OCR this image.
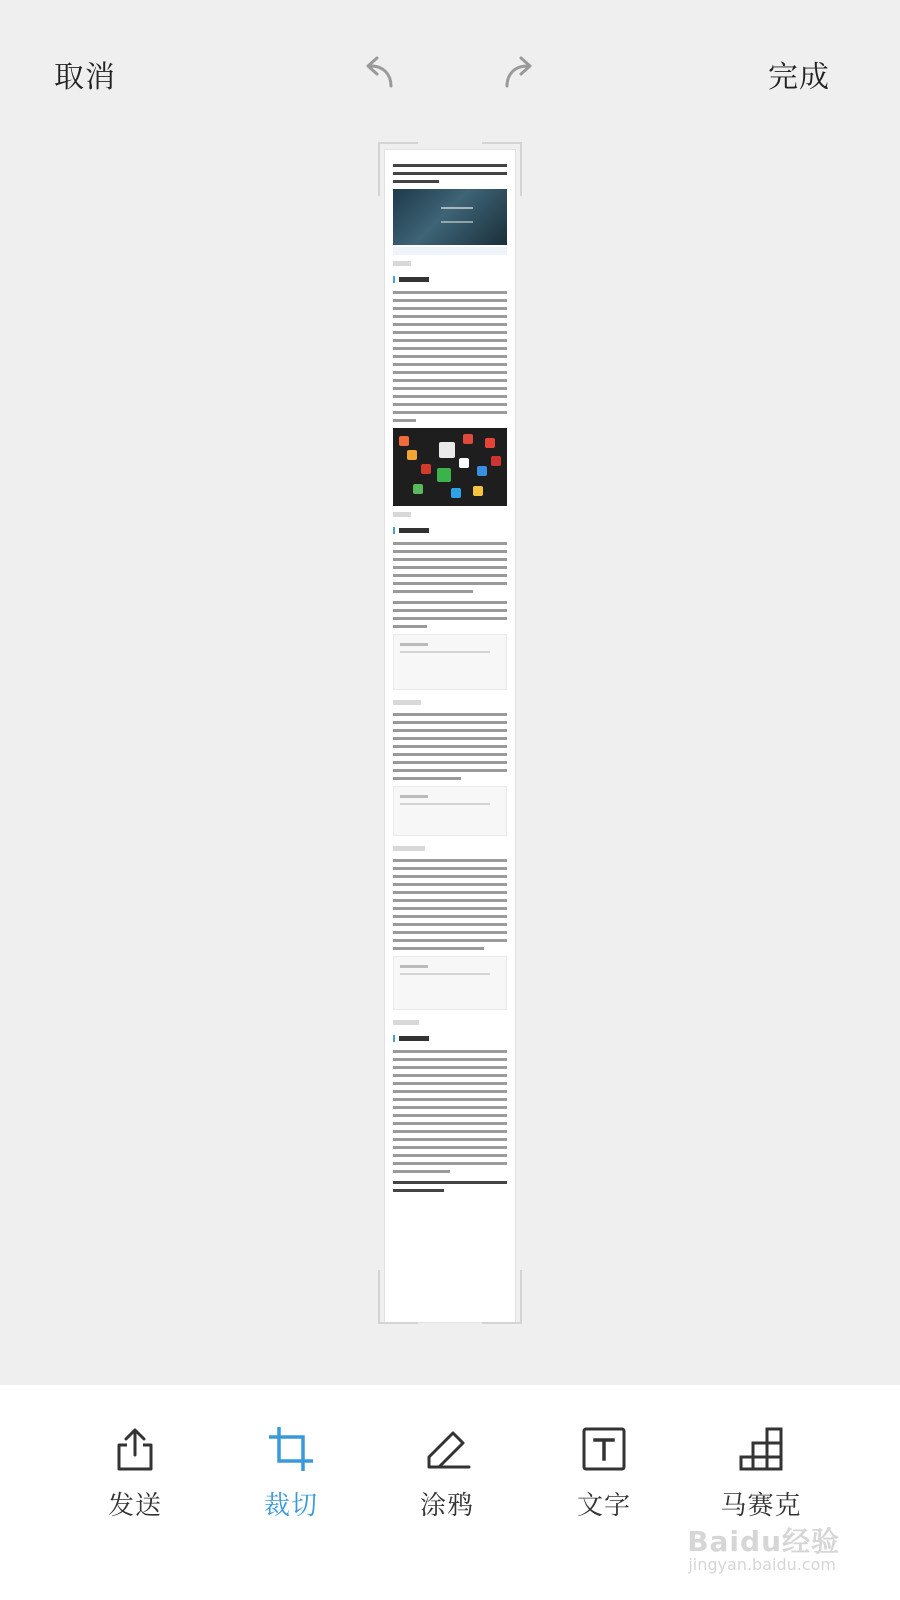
取消	完成
发送	裁切	涂鸦	文字	马赛克
Baidu经验
jingyan.baidu.com
